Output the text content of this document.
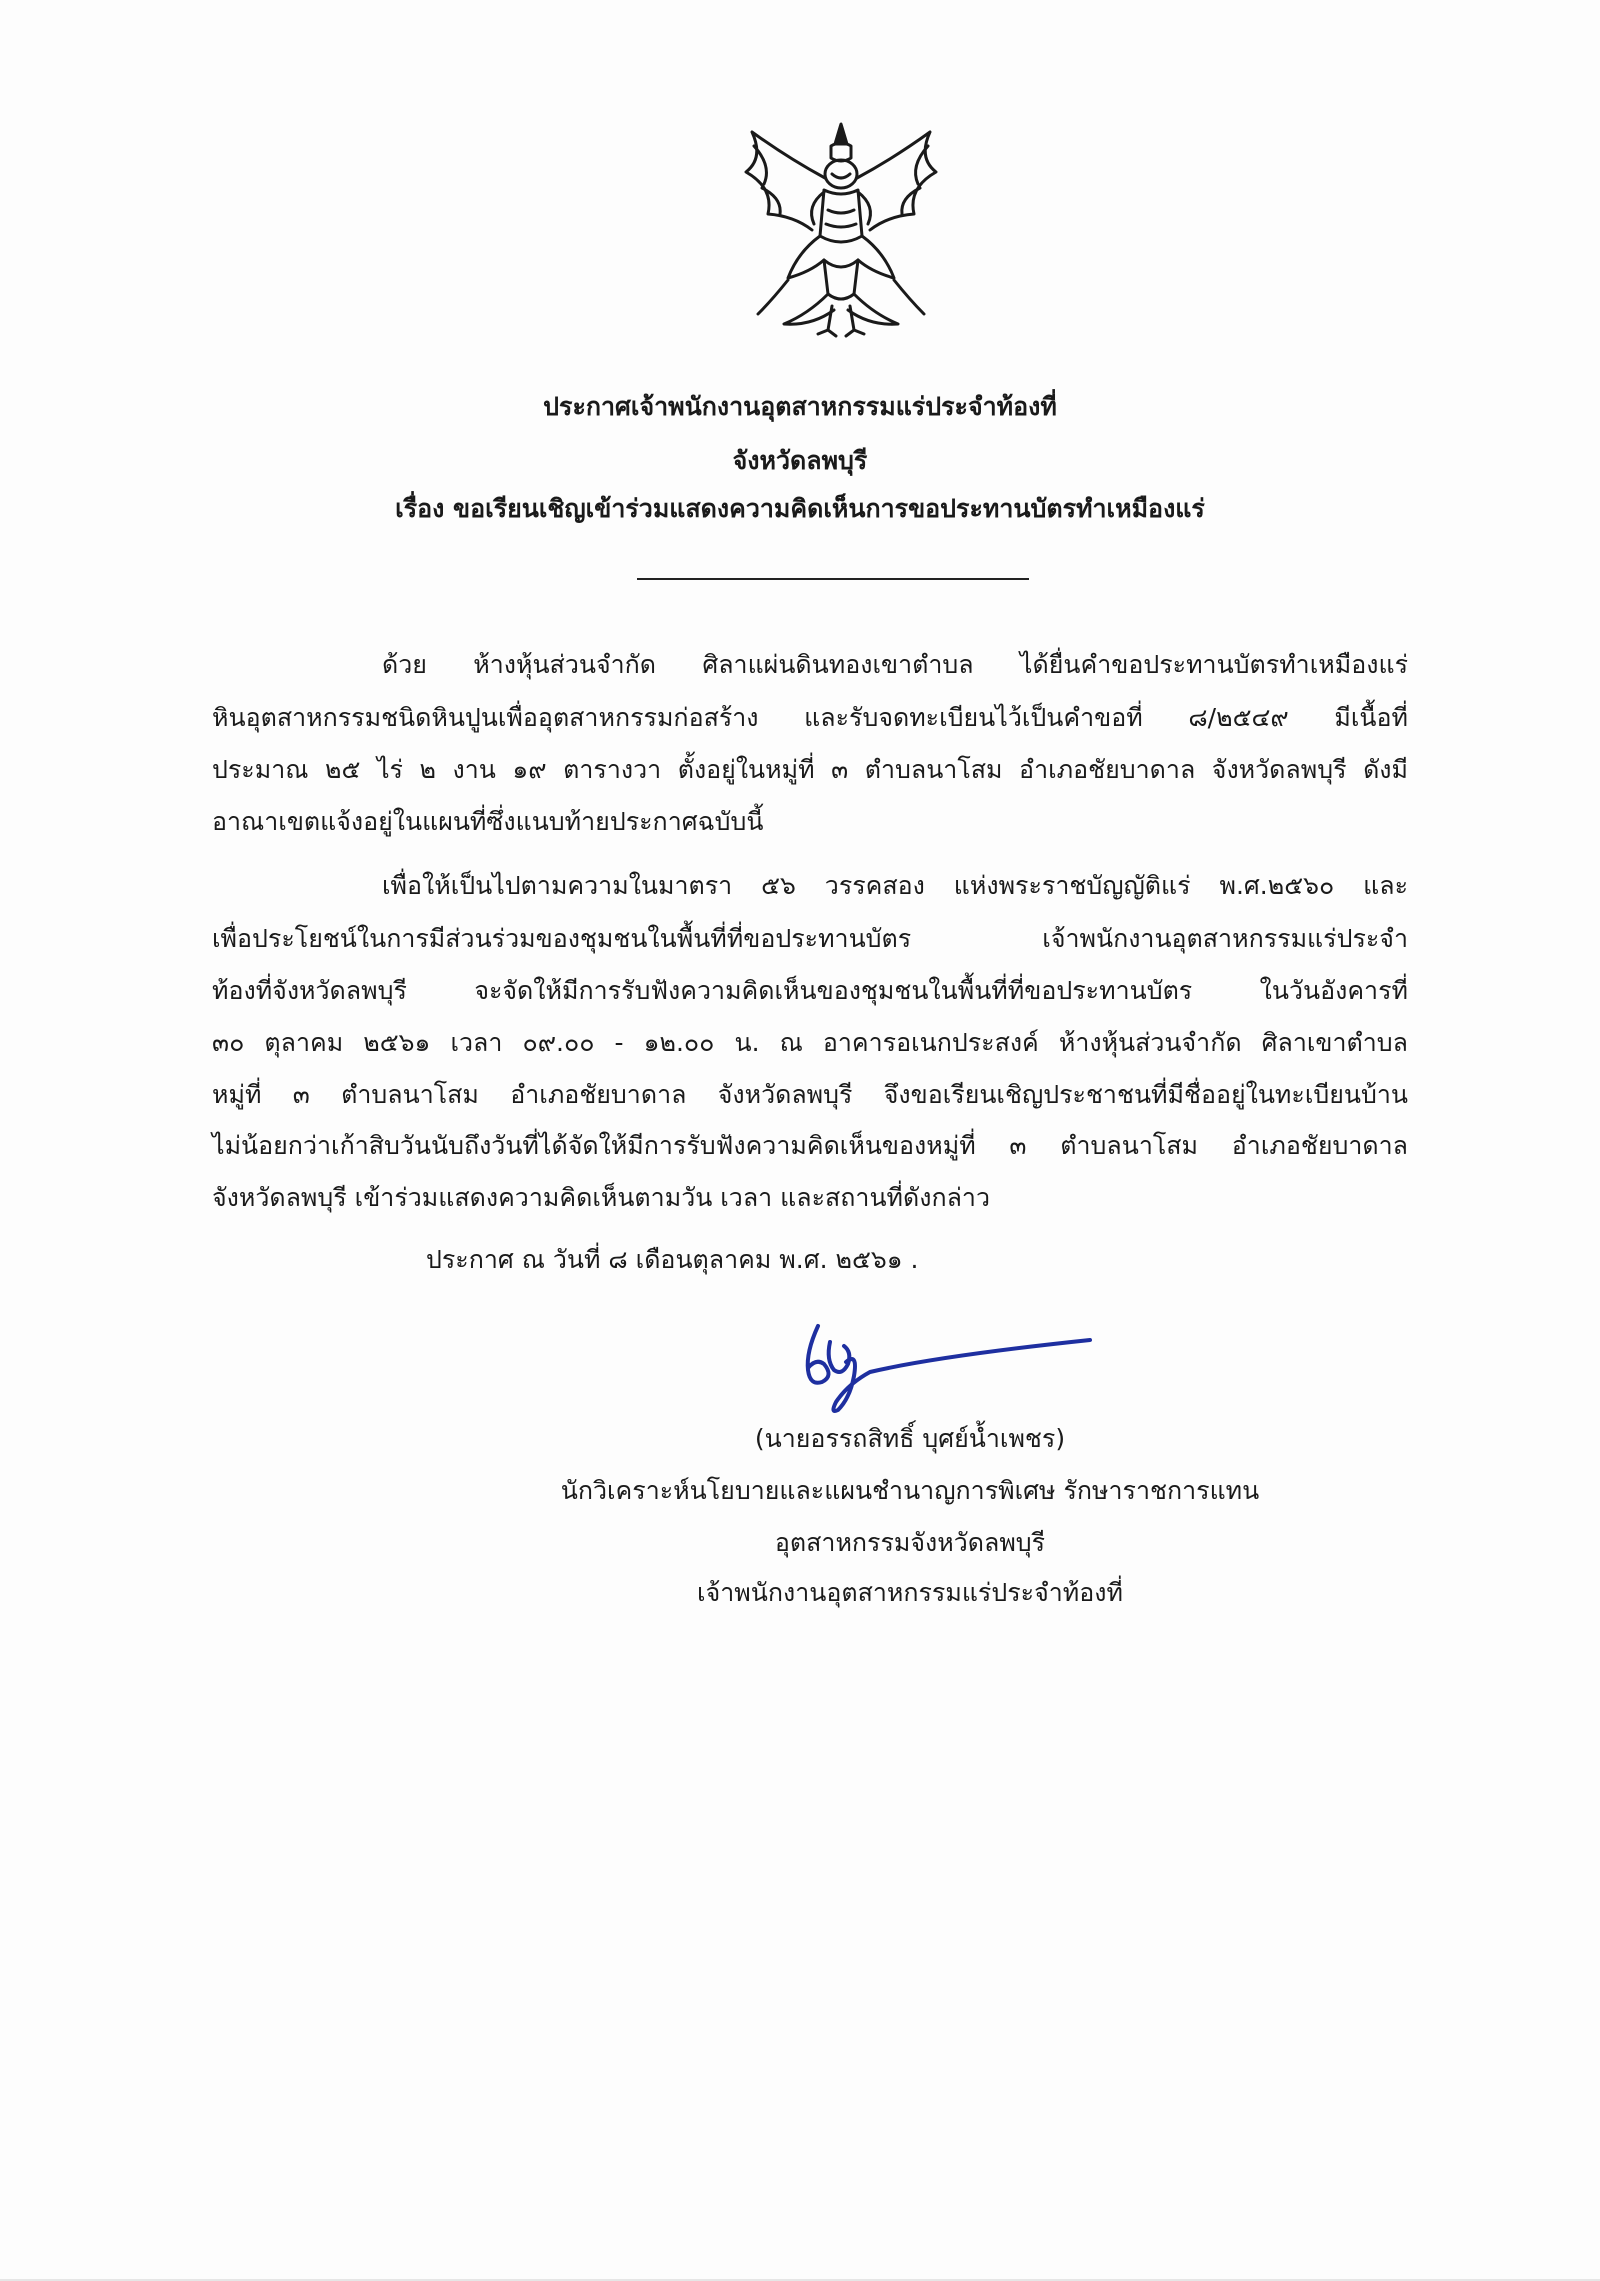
ประกาศเจ้าพนักงานอุตสาหกรรมแร่ประจำท้องที่
จังหวัดลพบุรี
เรื่อง ขอเรียนเชิญเข้าร่วมแสดงความคิดเห็นการขอประทานบัตรทำเหมืองแร่
ด้วย ห้างหุ้นส่วนจำกัด ศิลาแผ่นดินทองเขาตำบล ได้ยื่นคำขอประทานบัตรทำเหมืองแร่
หินอุตสาหกรรมชนิดหินปูนเพื่ออุตสาหกรรมก่อสร้าง และรับจดทะเบียนไว้เป็นคำขอที่ ๘/๒๕๔๙ มีเนื้อที่
ประมาณ ๒๕ ไร่ ๒ งาน ๑๙ ตารางวา ตั้งอยู่ในหมู่ที่ ๓ ตำบลนาโสม อำเภอชัยบาดาล จังหวัดลพบุรี ดังมี
อาณาเขตแจ้งอยู่ในแผนที่ซึ่งแนบท้ายประกาศฉบับนี้
เพื่อให้เป็นไปตามความในมาตรา ๕๖ วรรคสอง แห่งพระราชบัญญัติแร่ พ.ศ.๒๕๖๐ และ
เพื่อประโยชน์ในการมีส่วนร่วมของชุมชนในพื้นที่ที่ขอประทานบัตร เจ้าพนักงานอุตสาหกรรมแร่ประจำ
ท้องที่จังหวัดลพบุรี จะจัดให้มีการรับฟังความคิดเห็นของชุมชนในพื้นที่ที่ขอประทานบัตร ในวันอังคารที่
๓๐ ตุลาคม ๒๕๖๑ เวลา ๐๙.๐๐ - ๑๒.๐๐ น. ณ อาคารอเนกประสงค์ ห้างหุ้นส่วนจำกัด ศิลาเขาตำบล
หมู่ที่ ๓ ตำบลนาโสม อำเภอชัยบาดาล จังหวัดลพบุรี จึงขอเรียนเชิญประชาชนที่มีชื่ออยู่ในทะเบียนบ้าน
ไม่น้อยกว่าเก้าสิบวันนับถึงวันที่ได้จัดให้มีการรับฟังความคิดเห็นของหมู่ที่ ๓ ตำบลนาโสม อำเภอชัยบาดาล
จังหวัดลพบุรี เข้าร่วมแสดงความคิดเห็นตามวัน เวลา และสถานที่ดังกล่าว
ประกาศ ณ วันที่ ๘ เดือนตุลาคม พ.ศ. ๒๕๖๑ .
(นายอรรถสิทธิ์ บุศย์น้ำเพชร)
นักวิเคราะห์นโยบายและแผนชำนาญการพิเศษ รักษาราชการแทน
อุตสาหกรรมจังหวัดลพบุรี
เจ้าพนักงานอุตสาหกรรมแร่ประจำท้องที่
